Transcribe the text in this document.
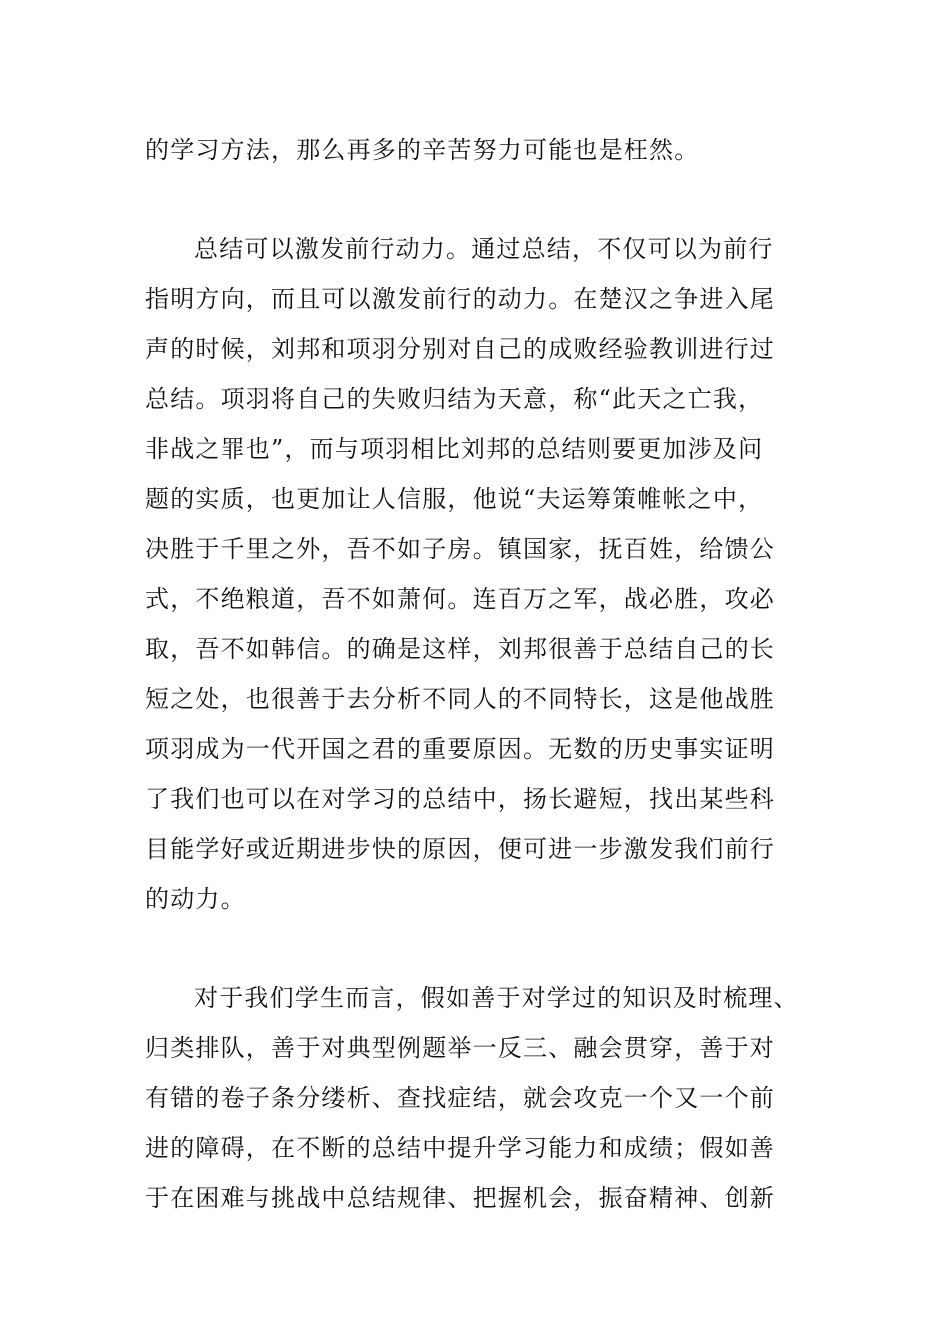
的学习方法，那么再多的辛苦努力可能也是枉然。
总结可以激发前行动力。通过总结，不仅可以为前行
指明方向，而且可以激发前行的动力。在楚汉之争进入尾
声的时候，刘邦和项羽分别对自己的成败经验教训进行过
总结。项羽将自己的失败归结为天意，称“此天之亡我，
非战之罪也”，而与项羽相比刘邦的总结则要更加涉及问
题的实质，也更加让人信服，他说“夫运筹策帷帐之中，
决胜于千里之外，吾不如子房。镇国家，抚百姓，给馈公
式，不绝粮道，吾不如萧何。连百万之军，战必胜，攻必
取，吾不如韩信。的确是这样，刘邦很善于总结自己的长
短之处，也很善于去分析不同人的不同特长，这是他战胜
项羽成为一代开国之君的重要原因。无数的历史事实证明
了我们也可以在对学习的总结中，扬长避短，找出某些科
目能学好或近期进步快的原因，便可进一步激发我们前行
的动力。
对于我们学生而言，假如善于对学过的知识及时梳理、
归类排队，善于对典型例题举一反三、融会贯穿，善于对
有错的卷子条分缕析、查找症结，就会攻克一个又一个前
进的障碍，在不断的总结中提升学习能力和成绩；假如善
于在困难与挑战中总结规律、把握机会，振奋精神、创新
